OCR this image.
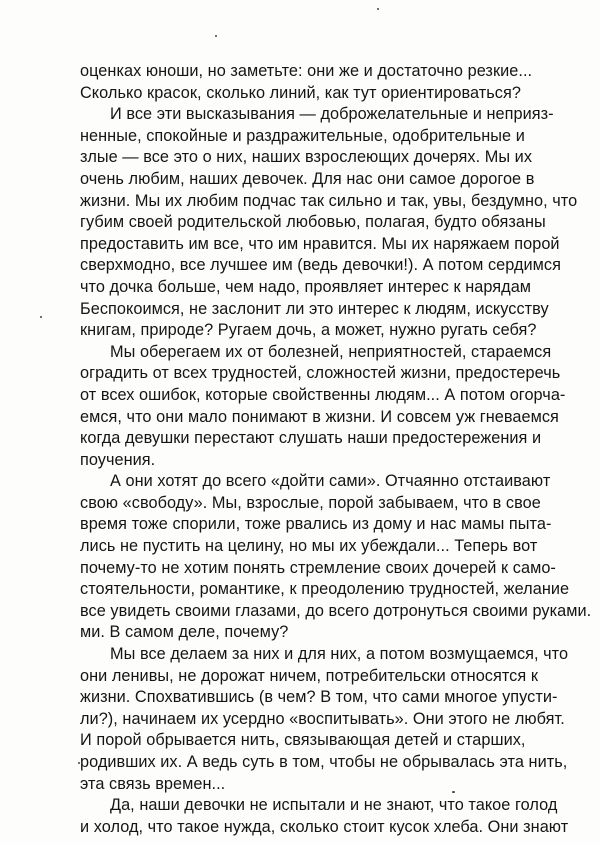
оценках юноши, но заметьте: они же и достаточно резкие...
Сколько красок, сколько линий, как тут ориентироваться?
И все эти высказывания — доброжелательные и неприяз-
ненные, спокойные и раздражительные, одобрительные и
злые — все это о них, наших взрослеющих дочерях. Мы их
очень любим, наших девочек. Для нас они самое дорогое в
жизни. Мы их любим подчас так сильно и так, увы, бездумно, что
губим своей родительской любовью, полагая, будто обязаны
предоставить им все, что им нравится. Мы их наряжаем порой
сверхмодно, все лучшее им (ведь девочки!). А потом сердимся
что дочка больше, чем надо, проявляет интерес к нарядам
Беспокоимся, не заслонит ли это интерес к людям, искусству
книгам, природе? Ругаем дочь, а может, нужно ругать себя?
Мы оберегаем их от болезней, неприятностей, стараемся
оградить от всех трудностей, сложностей жизни, предостеречь
от всех ошибок, которые свойственны людям... А потом огорча-
емся, что они мало понимают в жизни. И совсем уж гневаемся
когда девушки перестают слушать наши предостережения и
поучения.
А они хотят до всего «дойти сами». Отчаянно отстаивают
свою «свободу». Мы, взрослые, порой забываем, что в свое
время тоже спорили, тоже рвались из дому и нас мамы пыта-
лись не пустить на целину, но мы их убеждали... Теперь вот
почему-то не хотим понять стремление своих дочерей к само-
стоятельности, романтике, к преодолению трудностей, желание
все увидеть своими глазами, до всего дотронуться своими руками.
ми. В самом деле, почему?
Мы все делаем за них и для них, а потом возмущаемся, что
они ленивы, не дорожат ничем, потребительски относятся к
жизни. Спохватившись (в чем? В том, что сами многое упусти-
ли?), начинаем их усердно «воспитывать». Они этого не любят.
И порой обрывается нить, связывающая детей и старших,
родивших их. А ведь суть в том, чтобы не обрывалась эта нить,
эта связь времен...
Да, наши девочки не испытали и не знают, что такое голод
и холод, что такое нужда, сколько стоит кусок хлеба. Они знают
